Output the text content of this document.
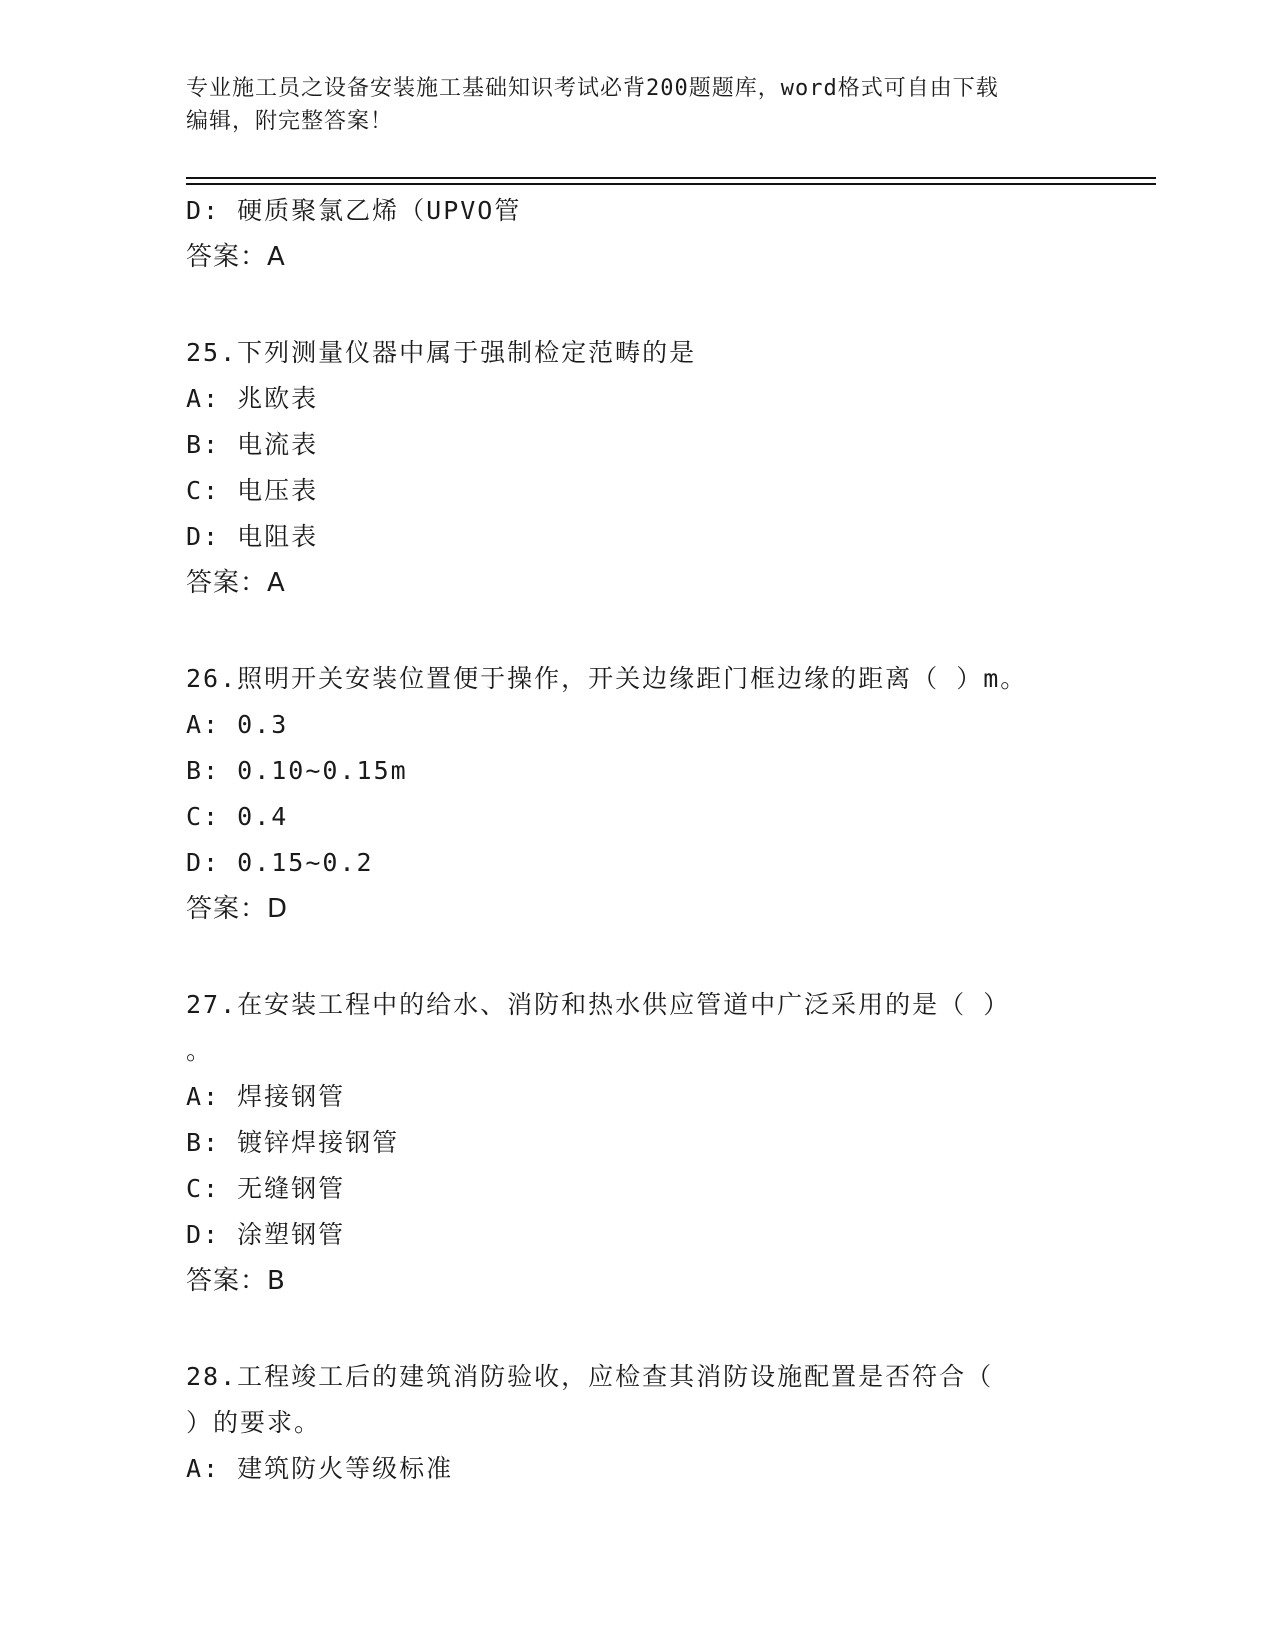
专业施工员之设备安装施工基础知识考试必背200题题库，word格式可自由下载
编辑，附完整答案！
D: 硬质聚氯乙烯（UPVO管
答案：A
25.下列测量仪器中属于强制检定范畴的是
A: 兆欧表
B: 电流表
C: 电压表
D: 电阻表
答案：A
26.照明开关安装位置便于操作，开关边缘距门框边缘的距离（ ）m。
A: 0.3
B: 0.10~0.15m
C: 0.4
D: 0.15~0.2
答案：D
27.在安装工程中的给水、消防和热水供应管道中广泛采用的是（ ）
。
A: 焊接钢管
B: 镀锌焊接钢管
C: 无缝钢管
D: 涂塑钢管
答案：B
28.工程竣工后的建筑消防验收，应检查其消防设施配置是否符合（
）的要求。
A: 建筑防火等级标准
